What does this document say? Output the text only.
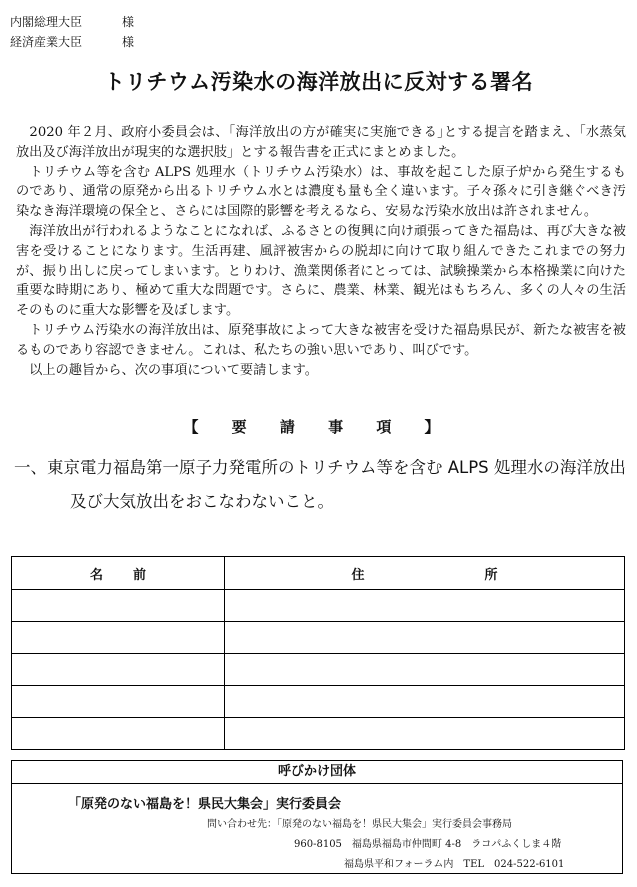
内閣総理大臣	様
経済産業大臣	様
トリチウム汚染水の海洋放出に反対する署名

　2020 年２月、政府小委員会は、｢海洋放出の方が確実に実施できる｣とする提言を踏まえ、「水蒸気放出及び海洋放出が現実的な選択肢」とする報告書を正式にまとめました。

　トリチウム等を含む ALPS 処理水（トリチウム汚染水）は、事故を起こした原子炉から発生するものであり、通常の原発から出るトリチウム水とは濃度も量も全く違います。子々孫々に引き継ぐべき汚染なき海洋環境の保全と、さらには国際的影響を考えるなら、安易な汚染水放出は許されません。

　海洋放出が行われるようなことになれば、ふるさとの復興に向け頑張ってきた福島は、再び大きな被害を受けることになります。生活再建、風評被害からの脱却に向けて取り組んできたこれまでの努力が、振り出しに戻ってしまいます。とりわけ、漁業関係者にとっては、試験操業から本格操業に向けた重要な時期にあり、極めて重大な問題です。さらに、農業、林業、観光はもちろん、多くの人々の生活そのものに重大な影響を及ぼします。

　トリチウム汚染水の海洋放出は、原発事故によって大きな被害を受けた福島県民が、新たな被害を被るものであり容認できません。これは、私たちの強い思いであり、叫びです。

　以上の趣旨から、次の事項について要請します。

【 要 請 事 項 】
一、東京電力福島第一原子力発電所のトリチウム等を含む ALPS 処理水の海洋放出
及び大気放出をおこなわないこと。
名前	住所

呼びかけ団体
「原発のない福島を！県民大集会」実行委員会
問い合わせ先：「原発のない福島を！県民大集会」実行委員会事務局
960-8105　福島県福島市仲間町 4-8　ラコパふくしま４階
福島県平和フォーラム内　TEL　024-522-6101
